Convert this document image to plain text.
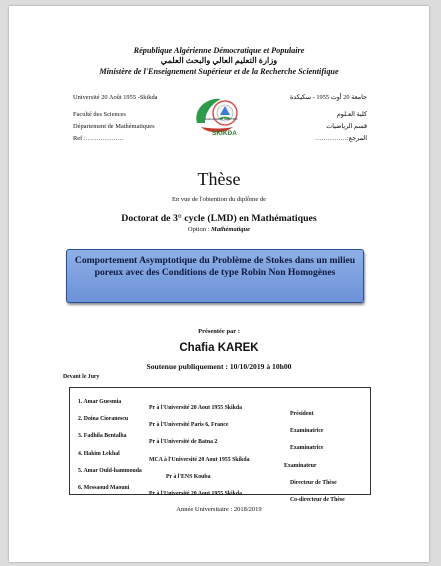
République Algérienne Démocratique et Populaire
وزارة التعليم العالي والبحث العلمي
Ministère de l'Enseignement Supérieur et de la Recherche Scientifique
Université 20 Août 1955 -Skikda
Faculté des Sciences
Département de Mathématiques
Ref :………………
جامعة 20 أوت 1955 - سكيكدة
كلية العـلوم
قسم الرياضيات
المرجع:……………
Université 20 Août 1955
SKIKDA
Thèse
En vue de l'obtention du diplôme de
Doctorat de 3° cycle (LMD) en Mathématiques
Option : Mathématique
Comportement Asymptotique du Problème de Stokes dans un milieu poreux avec des Conditions de type Robin Non Homogènes
Présentée par :
Chafia KAREK
Soutenue publiquement : 10/10/2019 à 10h00
Devant le Jury

1. Amar Guesmia

Pr à l'Université 20 Aout 1955 Skikda

Président

2. Doina Cioranescu

Pr à l'Université Paris 6, France

Examinatrice

3. Fadhila Bentalha

Pr à l'Université de Batna 2

Examinatrice

4. Hakim Lekhal

MCA à l'Université 20 Aout 1955 Skikda

Examinateur

5. Amar Ould-hammouda

Pr à l'ENS Kouba

Directeur de Thèse

6. Messaoud Maouni

Pr à l'Université 20 Aout 1955 Skikda

Co-directeur de Thèse

Année Universitaire : 2018/2019
